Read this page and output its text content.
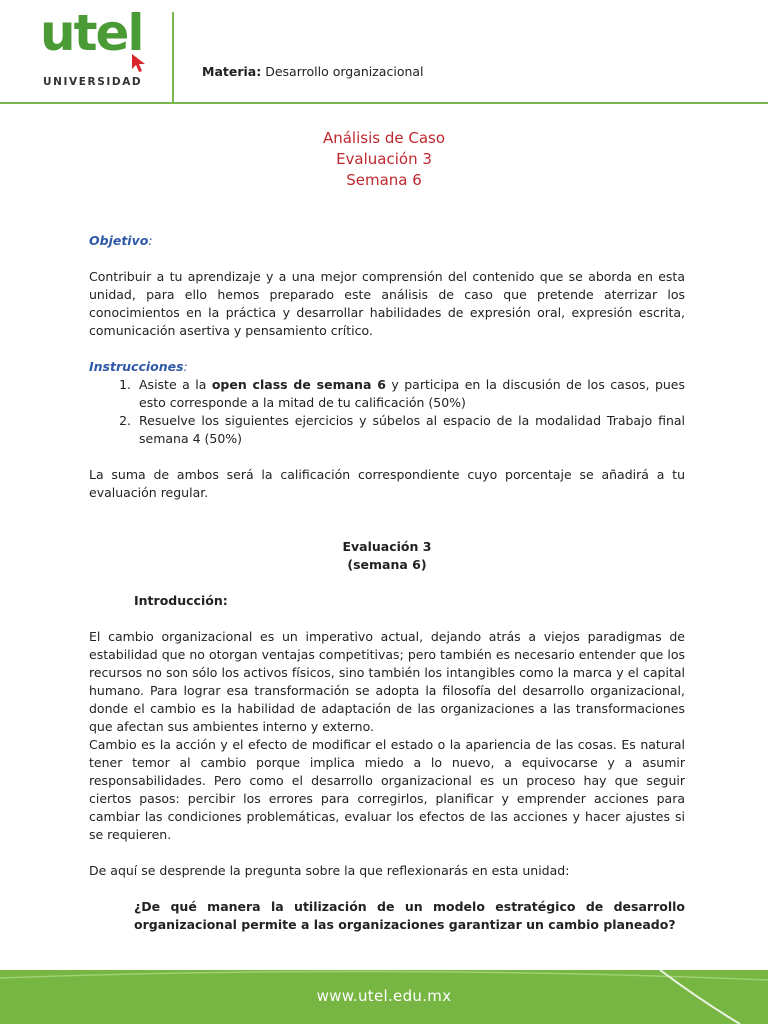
utel
UNIVERSIDAD
Materia: Desarrollo organizacional
Análisis de Caso
Evaluación 3
Semana 6
Objetivo:

Contribuir a tu aprendizaje y a una mejor comprensión del contenido que se aborda en esta unidad, para ello hemos preparado este análisis de caso que pretende aterrizar los conocimientos en la práctica y desarrollar habilidades de expresión oral, expresión escrita, comunicación asertiva y pensamiento crítico.

Instrucciones:
1. Asiste a la open class de semana 6 y participa en la discusión de los casos, pues esto corresponde a la mitad de tu calificación (50%)
2. Resuelve los siguientes ejercicios y súbelos al espacio de la modalidad Trabajo final semana 4 (50%)

La suma de ambos será la calificación correspondiente cuyo porcentaje se añadirá a tu evaluación regular.

Evaluación 3
(semana 6)
Introducción:

El cambio organizacional es un imperativo actual, dejando atrás a viejos paradigmas de estabilidad que no otorgan ventajas competitivas; pero también es necesario entender que los recursos no son sólo los activos físicos, sino también los intangibles como la marca y el capital humano. Para lograr esa transformación se adopta la filosofía del desarrollo organizacional, donde el cambio es la habilidad de adaptación de las organizaciones a las transformaciones que afectan sus ambientes interno y externo.

Cambio es la acción y el efecto de modificar el estado o la apariencia de las cosas. Es natural tener temor al cambio porque implica miedo a lo nuevo, a equivocarse y a asumir responsabilidades. Pero como el desarrollo organizacional es un proceso hay que seguir ciertos pasos: percibir los errores para corregirlos, planificar y emprender acciones para cambiar las condiciones problemáticas, evaluar los efectos de las acciones y hacer ajustes si se requieren.

De aquí se desprende la pregunta sobre la que reflexionarás en esta unidad:

¿De qué manera la utilización de un modelo estratégico de desarrollo organizacional permite a las organizaciones garantizar un cambio planeado?

www.utel.edu.mx
